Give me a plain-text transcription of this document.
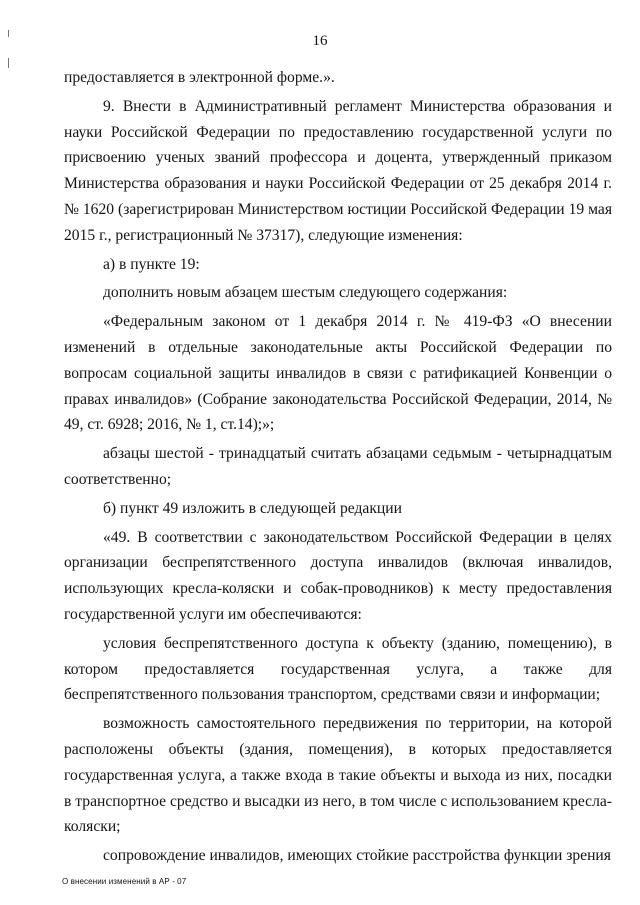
16

предоставляется в электронной форме.».

9. Внести в Административный регламент Министерства образования и науки Российской Федерации по предоставлению государственной услуги по присвоению ученых званий профессора и доцента, утвержденный приказом Министерства образования и науки Российской Федерации от 25 декабря 2014 г. № 1620 (зарегистрирован Министерством юстиции Российской Федерации 19 мая 2015 г., регистрационный № 37317), следующие изменения:

а) в пункте 19:

дополнить новым абзацем шестым следующего содержания:

«Федеральным законом от 1 декабря 2014 г. № 419-ФЗ «О внесении изменений в отдельные законодательные акты Российской Федерации по вопросам социальной защиты инвалидов в связи с ратификацией Конвенции о правах инвалидов» (Собрание законодательства Российской Федерации, 2014, № 49, ст. 6928; 2016, № 1, ст.14);»;

абзацы шестой - тринадцатый считать абзацами седьмым - четырнадцатым соответственно;

б) пункт 49 изложить в следующей редакции

«49. В соответствии с законодательством Российской Федерации в целях организации беспрепятственного доступа инвалидов (включая инвалидов, использующих кресла-коляски и собак-проводников) к месту предоставления государственной услуги им обеспечиваются:

условия беспрепятственного доступа к объекту (зданию, помещению), в котором предоставляется государственная услуга, а также для беспрепятственного пользования транспортом, средствами связи и информации;

возможность самостоятельного передвижения по территории, на которой расположены объекты (здания, помещения), в которых предоставляется государственная услуга, а также входа в такие объекты и выхода из них, посадки в транспортное средство и высадки из него, в том числе с использованием кресла-коляски;

сопровождение инвалидов, имеющих стойкие расстройства функции зрения

О внесении изменений в АР - 07
